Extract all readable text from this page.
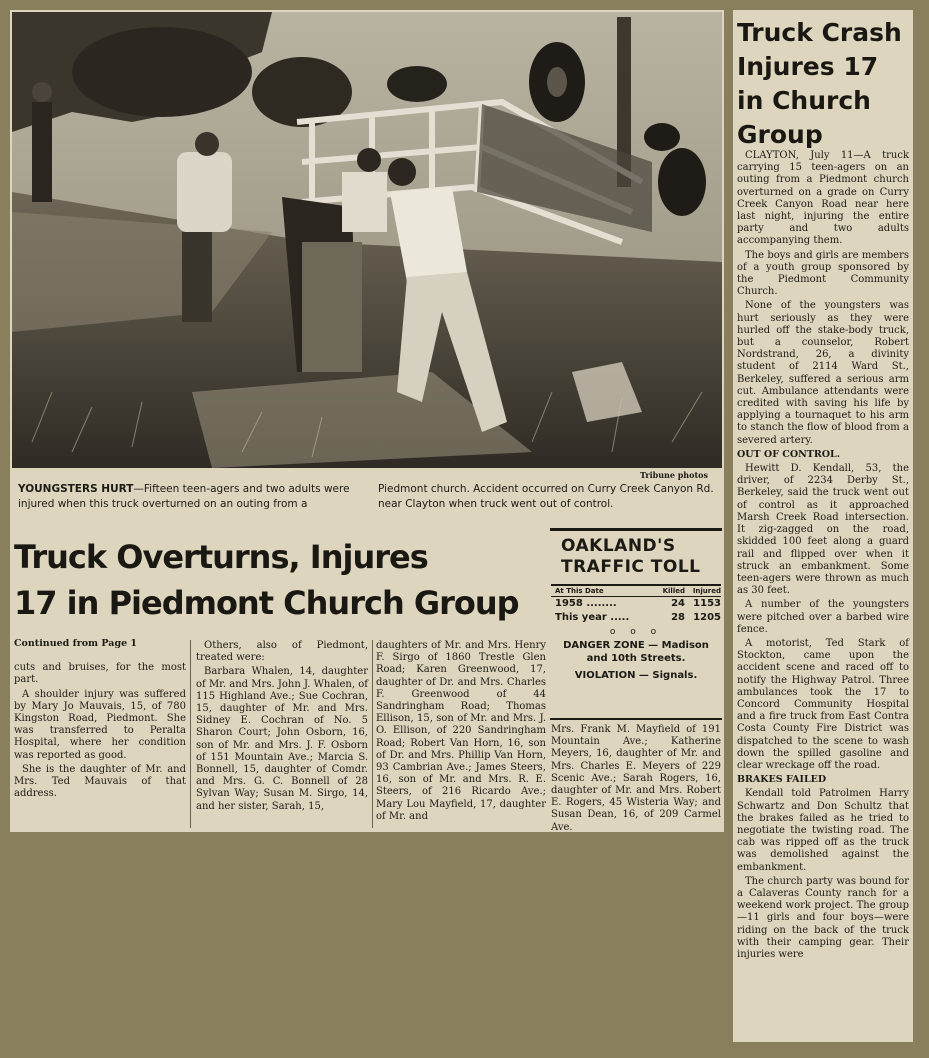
Tribune photos
YOUNGSTERS HURT—Fifteen teen-agers and two adults were injured when this truck overturned on an outing from a Piedmont church. Accident occurred on Curry Creek Canyon Rd. near Clayton when truck went out of control.
Truck Overturns, Injures
17 in Piedmont Church Group
OAKLAND'S
TRAFFIC TOLL
At This Date	Killed	Injured
1958 ........	24 1153
This year .....	28 1205
o o o
DANGER ZONE — Madison and 10th Streets.
VIOLATION — Signals.
Continued from Page 1

cuts and bruises, for the most part.

A shoulder injury was suffered by Mary Jo Mauvais, 15, of 780 Kingston Road, Piedmont. She was transferred to Peralta Hospital, where her condition was reported as good.

She is the daughter of Mr. and Mrs. Ted Mauvais of that address.

Others, also of Piedmont, treated were:

Barbara Whalen, 14, daughter of Mr. and Mrs. John J. Whalen, of 115 Highland Ave.; Sue Cochran, 15, daughter of Mr. and Mrs. Sidney E. Cochran of No. 5 Sharon Court; John Osborn, 16, son of Mr. and Mrs. J. F. Osborn of 151 Mountain Ave.; Marcia S. Bonnell, 15, daughter of Comdr. and Mrs. G. C. Bonnell of 28 Sylvan Way; Susan M. Sirgo, 14, and her sister, Sarah, 15,

daughters of Mr. and Mrs. Henry F. Sirgo of 1860 Trestle Glen Road; Karen Greenwood, 17, daughter of Dr. and Mrs. Charles F. Greenwood of 44 Sandringham Road; Thomas Ellison, 15, son of Mr. and Mrs. J. O. Ellison, of 220 Sandringham Road; Robert Van Horn, 16, son of Dr. and Mrs. Phillip Van Horn, 93 Cambrian Ave.; James Steers, 16, son of Mr. and Mrs. R. E. Steers, of 216 Ricardo Ave.; Mary Lou Mayfield, 17, daughter of Mr. and

Mrs. Frank M. Mayfield of 191 Mountain Ave.; Katherine Meyers, 16, daughter of Mr. and Mrs. Charles E. Meyers of 229 Scenic Ave.; Sarah Rogers, 16, daughter of Mr. and Mrs. Robert E. Rogers, 45 Wisteria Way; and Susan Dean, 16, of 209 Carmel Ave.

Truck Crash Injures 17 in Church Group

CLAYTON, July 11—A truck carrying 15 teen-agers on an outing from a Piedmont church overturned on a grade on Curry Creek Canyon Road near here last night, injuring the entire party and two adults accompanying them.

The boys and girls are members of a youth group sponsored by the Piedmont Community Church.

None of the youngsters was hurt seriously as they were hurled off the stake-body truck, but a counselor, Robert Nordstrand, 26, a divinity student of 2114 Ward St., Berkeley, suffered a serious arm cut. Ambulance attendants were credited with saving his life by applying a tournaquet to his arm to stanch the flow of blood from a severed artery.

OUT OF CONTROL.

Hewitt D. Kendall, 53, the driver, of 2234 Derby St., Berkeley, said the truck went out of control as it approached Marsh Creek Road intersection. It zig-zagged on the road, skidded 100 feet along a guard rail and flipped over when it struck an embankment. Some teen-agers were thrown as much as 30 feet.

A number of the youngsters were pitched over a barbed wire fence.

A motorist, Ted Stark of Stockton, came upon the accident scene and raced off to notify the Highway Patrol. Three ambulances took the 17 to Concord Community Hospital and a fire truck from East Contra Costa County Fire District was dispatched to the scene to wash down the spilled gasoline and clear wreckage off the road.

BRAKES FAILED

Kendall told Patrolmen Harry Schwartz and Don Schultz that the brakes failed as he tried to negotiate the twisting road. The cab was ripped off as the truck was demolished against the embankment.

The church party was bound for a Calaveras County ranch for a weekend work project. The group—11 girls and four boys—were riding on the back of the truck with their camping gear. Their injuries were
